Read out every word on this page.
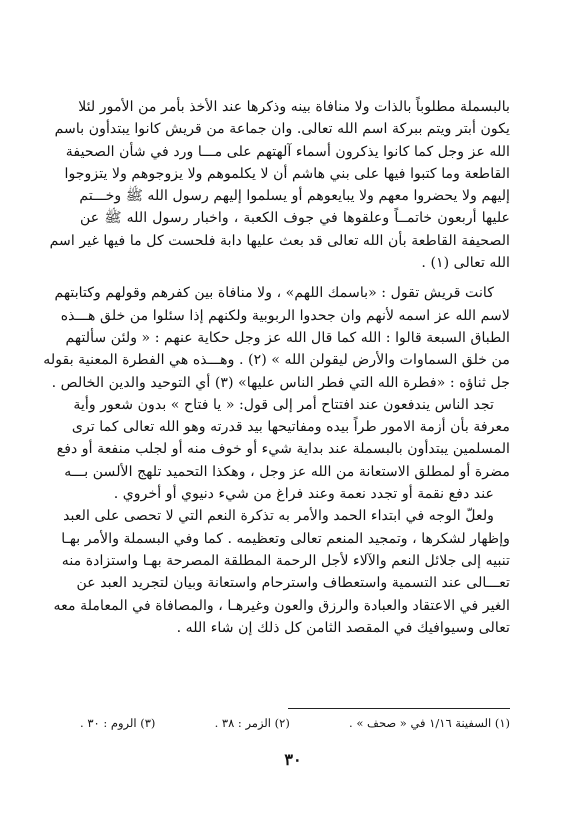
بالبسملة مطلوباً بالذات ولا منافاة بينه وذكرها عند الأخذ بأمر من الأمور لئلا
يكون أبتر ويتم ببركة اسم الله تعالى. وان جماعة من قريش كانوا يبتدأون باسم
الله عز وجل كما كانوا يذكرون أسماء آلهتهم على مـــا ورد في شأن الصحيفة
القاطعة وما كتبوا فيها على بني هاشم أن لا يكلموهم ولا يزوجوهم ولا يتزوجوا
إليهم ولا يحضروا معهم ولا يبايعوهم أو يسلموا إليهم رسول الله ﷺ وخـــتم
عليها أربعون خاتمــاً وعلقوها في جوف الكعبة ، واخبار رسول الله ﷺ عن
الصحيفة القاطعة بأن الله تعالى قد بعث عليها دابة فلحست كل ما فيها غير اسم
الله تعالى (١) .
كانت قريش تقول : «باسمك اللهم» ، ولا منافاة بين كفرهم وقولهم وكتابتهم
لاسم الله عز اسمه لأنهم وان جحدوا الربوبية ولكنهم إذا سئلوا من خلق هـــذه
الطباق السبعة قالوا : الله كما قال الله عز وجل حكاية عنهم : « ولئن سألتهم
من خلق السماوات والأرض ليقولن الله » (٢) . وهـــذه هي الفطرة المعنية بقوله
جل ثناؤه : «فطرة الله التي فطر الناس عليها» (٣) أي التوحيد والدين الخالص .
تجد الناس يندفعون عند افتتاح أمر إلى قول: « يا فتاح » بدون شعور وأية
معرفة بأن أزمة الامور طراً بيده ومفاتيحها بيد قدرته وهو الله تعالى كما ترى
المسلمين يبتدأون بالبسملة عند بداية شيء أو خوف منه أو لجلب منفعة أو دفع
مضرة أو لمطلق الاستعانة من الله عز وجل ، وهكذا التحميد تلهج الألسن بـــه
عند دفع نقمة أو تجدد نعمة وعند فراغ من شيء دنيوي أو أخروي .
ولعلّ الوجه في ابتداء الحمد والأمر به تذكرة النعم التي لا تحصى على العبد
وإظهار لشكرها ، وتمجيد المنعم تعالى وتعظيمه . كما وفي البسملة والأمر بهـا
تنبيه إلى جلائل النعم والآلاء لأجل الرحمة المطلقة المصرحة بهـا واستزادة منه
تعـــالى عند التسمية واستعطاف واسترحام واستعانة وبيان لتجريد العبد عن
الغير في الاعتقاد والعبادة والرزق والعون وغيرهـا ، والمصافاة في المعاملة معه
تعالى وسيوافيك في المقصد الثامن كل ذلك إن شاء الله .
(١) السفينة ١/١٦ في « صحف » .
(٢) الزمر : ٣٨ .
(٣) الروم : ٣٠ .
٣٠
